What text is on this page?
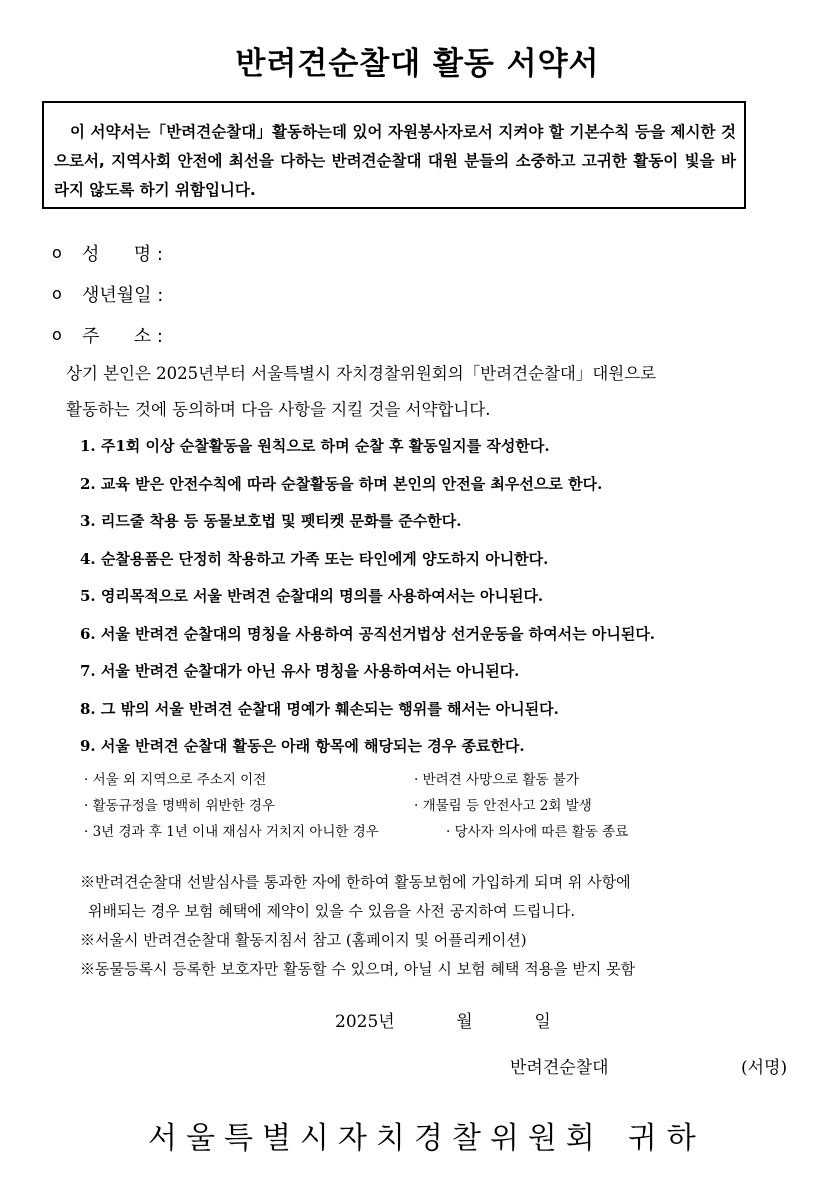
반려견순찰대 활동 서약서
이 서약서는「반려견순찰대」활동하는데 있어 자원봉사자로서 지켜야 할 기본수칙 등을 제시한 것 으로서, 지역사회 안전에 최선을 다하는 반려견순찰대 대원 분들의 소중하고 고귀한 활동이 빛을 바라지 않도록 하기 위함입니다.
o	성      명 :
o	생년월일 :
o	주      소 :
상기 본인은 2025년부터 서울특별시 자치경찰위원회의「반려견순찰대」대원으로
활동하는 것에 동의하며 다음 사항을 지킬 것을 서약합니다.
1. 주1회 이상 순찰활동을 원칙으로 하며 순찰 후 활동일지를 작성한다.
2. 교육 받은 안전수칙에 따라 순찰활동을 하며 본인의 안전을 최우선으로 한다.
3. 리드줄 착용 등 동물보호법 및 펫티켓 문화를 준수한다.
4. 순찰용품은 단정히 착용하고 가족 또는 타인에게 양도하지 아니한다.
5. 영리목적으로 서울 반려견 순찰대의 명의를 사용하여서는 아니된다.
6. 서울 반려견 순찰대의 명칭을 사용하여 공직선거법상 선거운동을 하여서는 아니된다.
7. 서울 반려견 순찰대가 아닌 유사 명칭을 사용하여서는 아니된다.
8. 그 밖의 서울 반려견 순찰대 명예가 훼손되는 행위를 해서는 아니된다.
9. 서울 반려견 순찰대 활동은 아래 항목에 해당되는 경우 종료한다.
· 서울 외 지역으로 주소지 이전	· 반려견 사망으로 활동 불가
· 활동규정을 명백히 위반한 경우	· 개물림 등 안전사고 2회 발생
· 3년 경과 후 1년 이내 재심사 거치지 아니한 경우	· 당사자 의사에 따른 활동 종료
※반려견순찰대 선발심사를 통과한 자에 한하여 활동보험에 가입하게 되며 위 사항에
위배되는 경우 보험 혜택에 제약이 있을 수 있음을 사전 공지하여 드립니다.
※서울시 반려견순찰대 활동지침서 참고 (홈페이지 및 어플리케이션)
※동물등록시 등록한 보호자만 활동할 수 있으며, 아닐 시 보험 혜택 적용을 받지 못함
2025년    월    일
반려견순찰대	(서명)
서울특별시자치경찰위원회 귀하
